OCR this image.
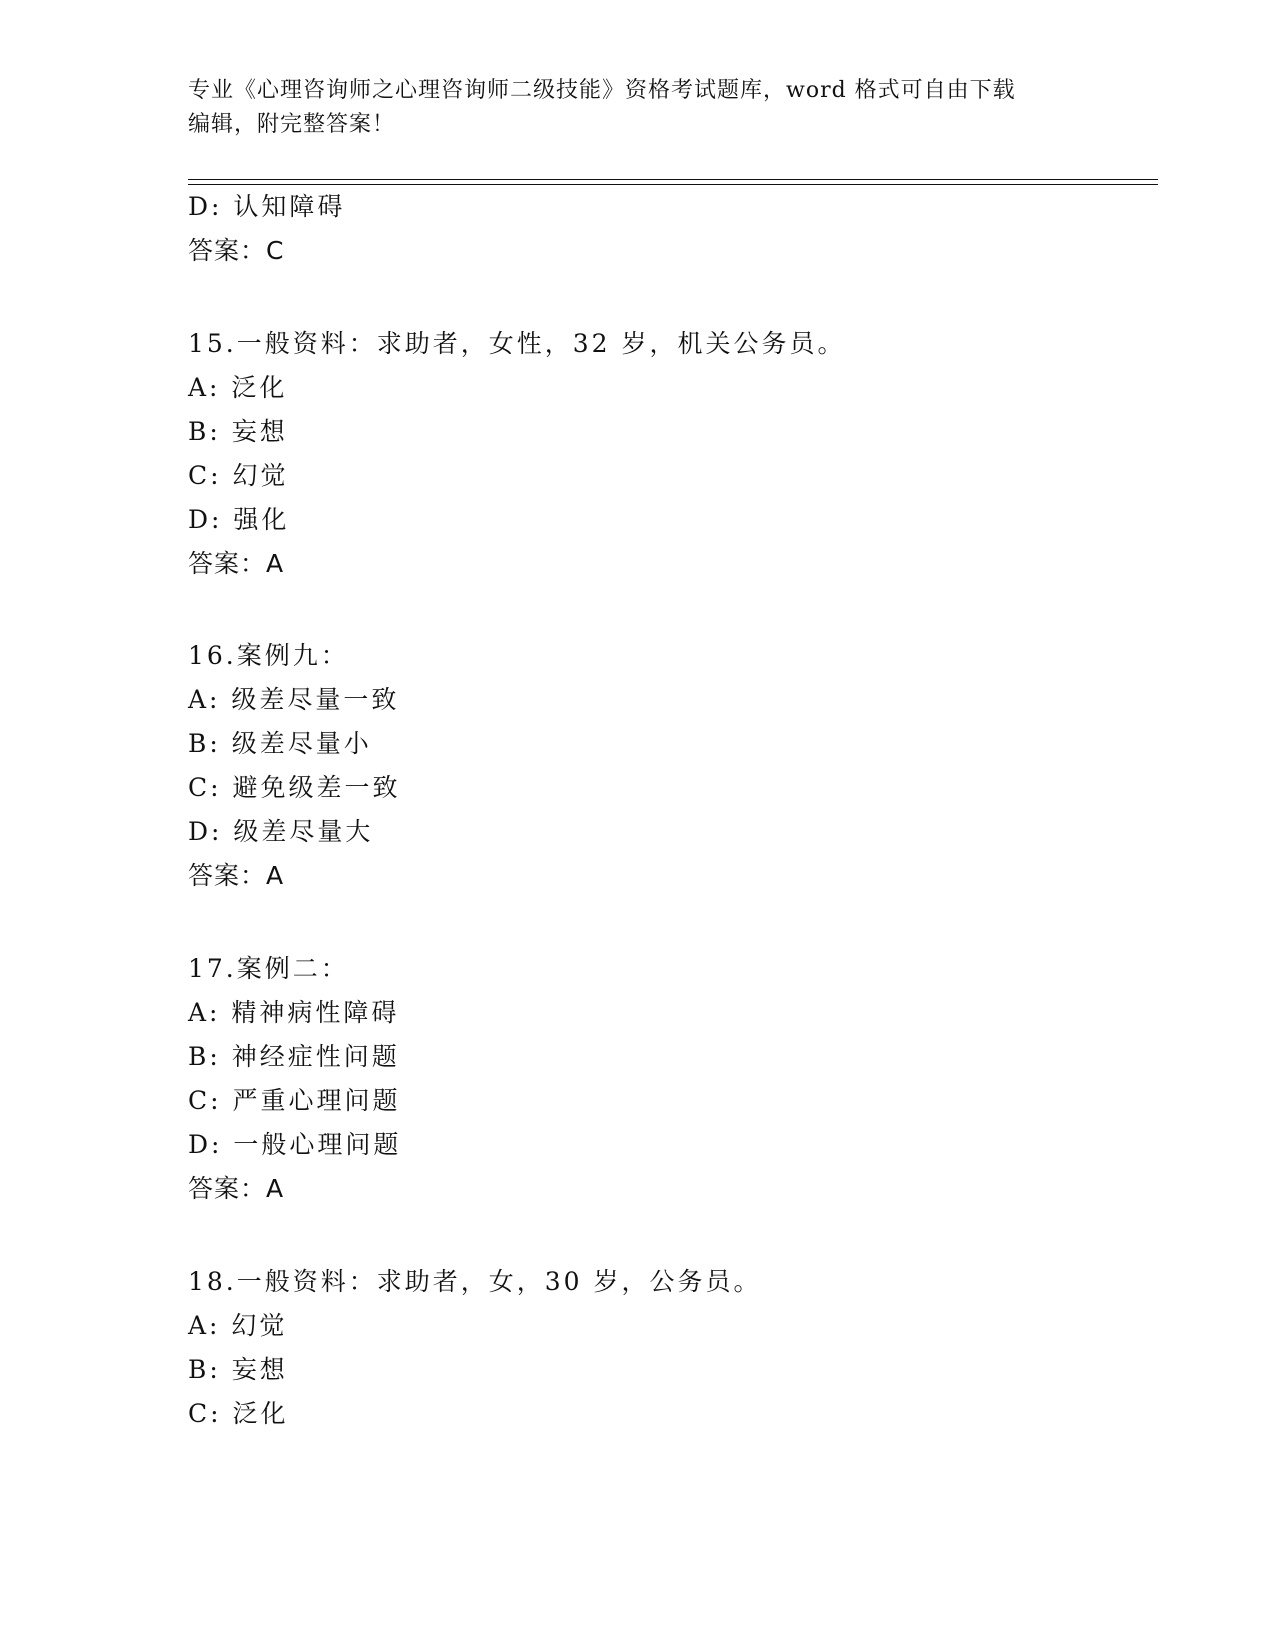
专业《心理咨询师之心理咨询师二级技能》资格考试题库，word 格式可自由下载
编辑，附完整答案！
D: 认知障碍
答案：C
15.一般资料：求助者，女性，32 岁，机关公务员。
A: 泛化
B: 妄想
C: 幻觉
D: 强化
答案：A
16.案例九：
A: 级差尽量一致
B: 级差尽量小
C: 避免级差一致
D: 级差尽量大
答案：A
17.案例二：
A: 精神病性障碍
B: 神经症性问题
C: 严重心理问题
D: 一般心理问题
答案：A
18.一般资料：求助者，女，30 岁，公务员。
A: 幻觉
B: 妄想
C: 泛化
